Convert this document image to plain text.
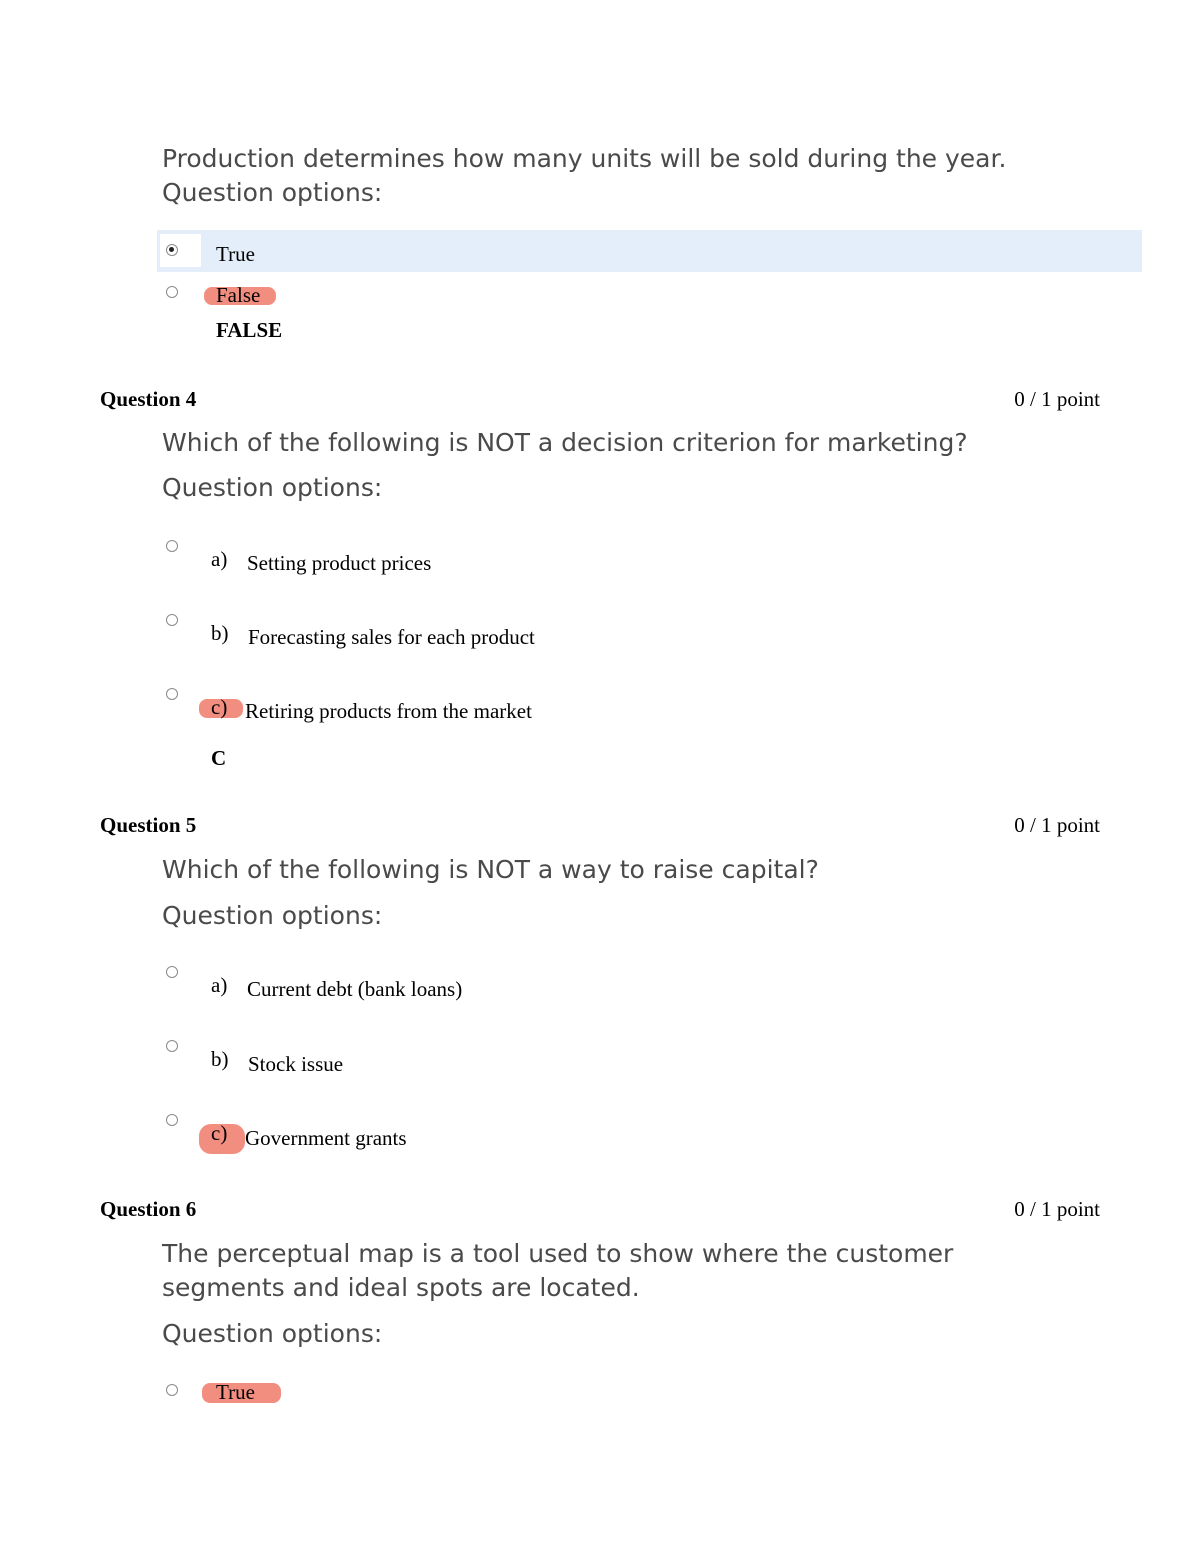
Production determines how many units will be sold during the year.
Question options:
True
False
FALSE
Question 4	0 / 1 point
Which of the following is NOT a decision criterion for marketing?
Question options:
a) Setting product prices
b) Forecasting sales for each product
c) Retiring products from the market
C
Question 5	0 / 1 point
Which of the following is NOT a way to raise capital?
Question options:
a) Current debt (bank loans)
b) Stock issue
c) Government grants
Question 6	0 / 1 point
The perceptual map is a tool used to show where the customer
segments and ideal spots are located.
Question options:
True
